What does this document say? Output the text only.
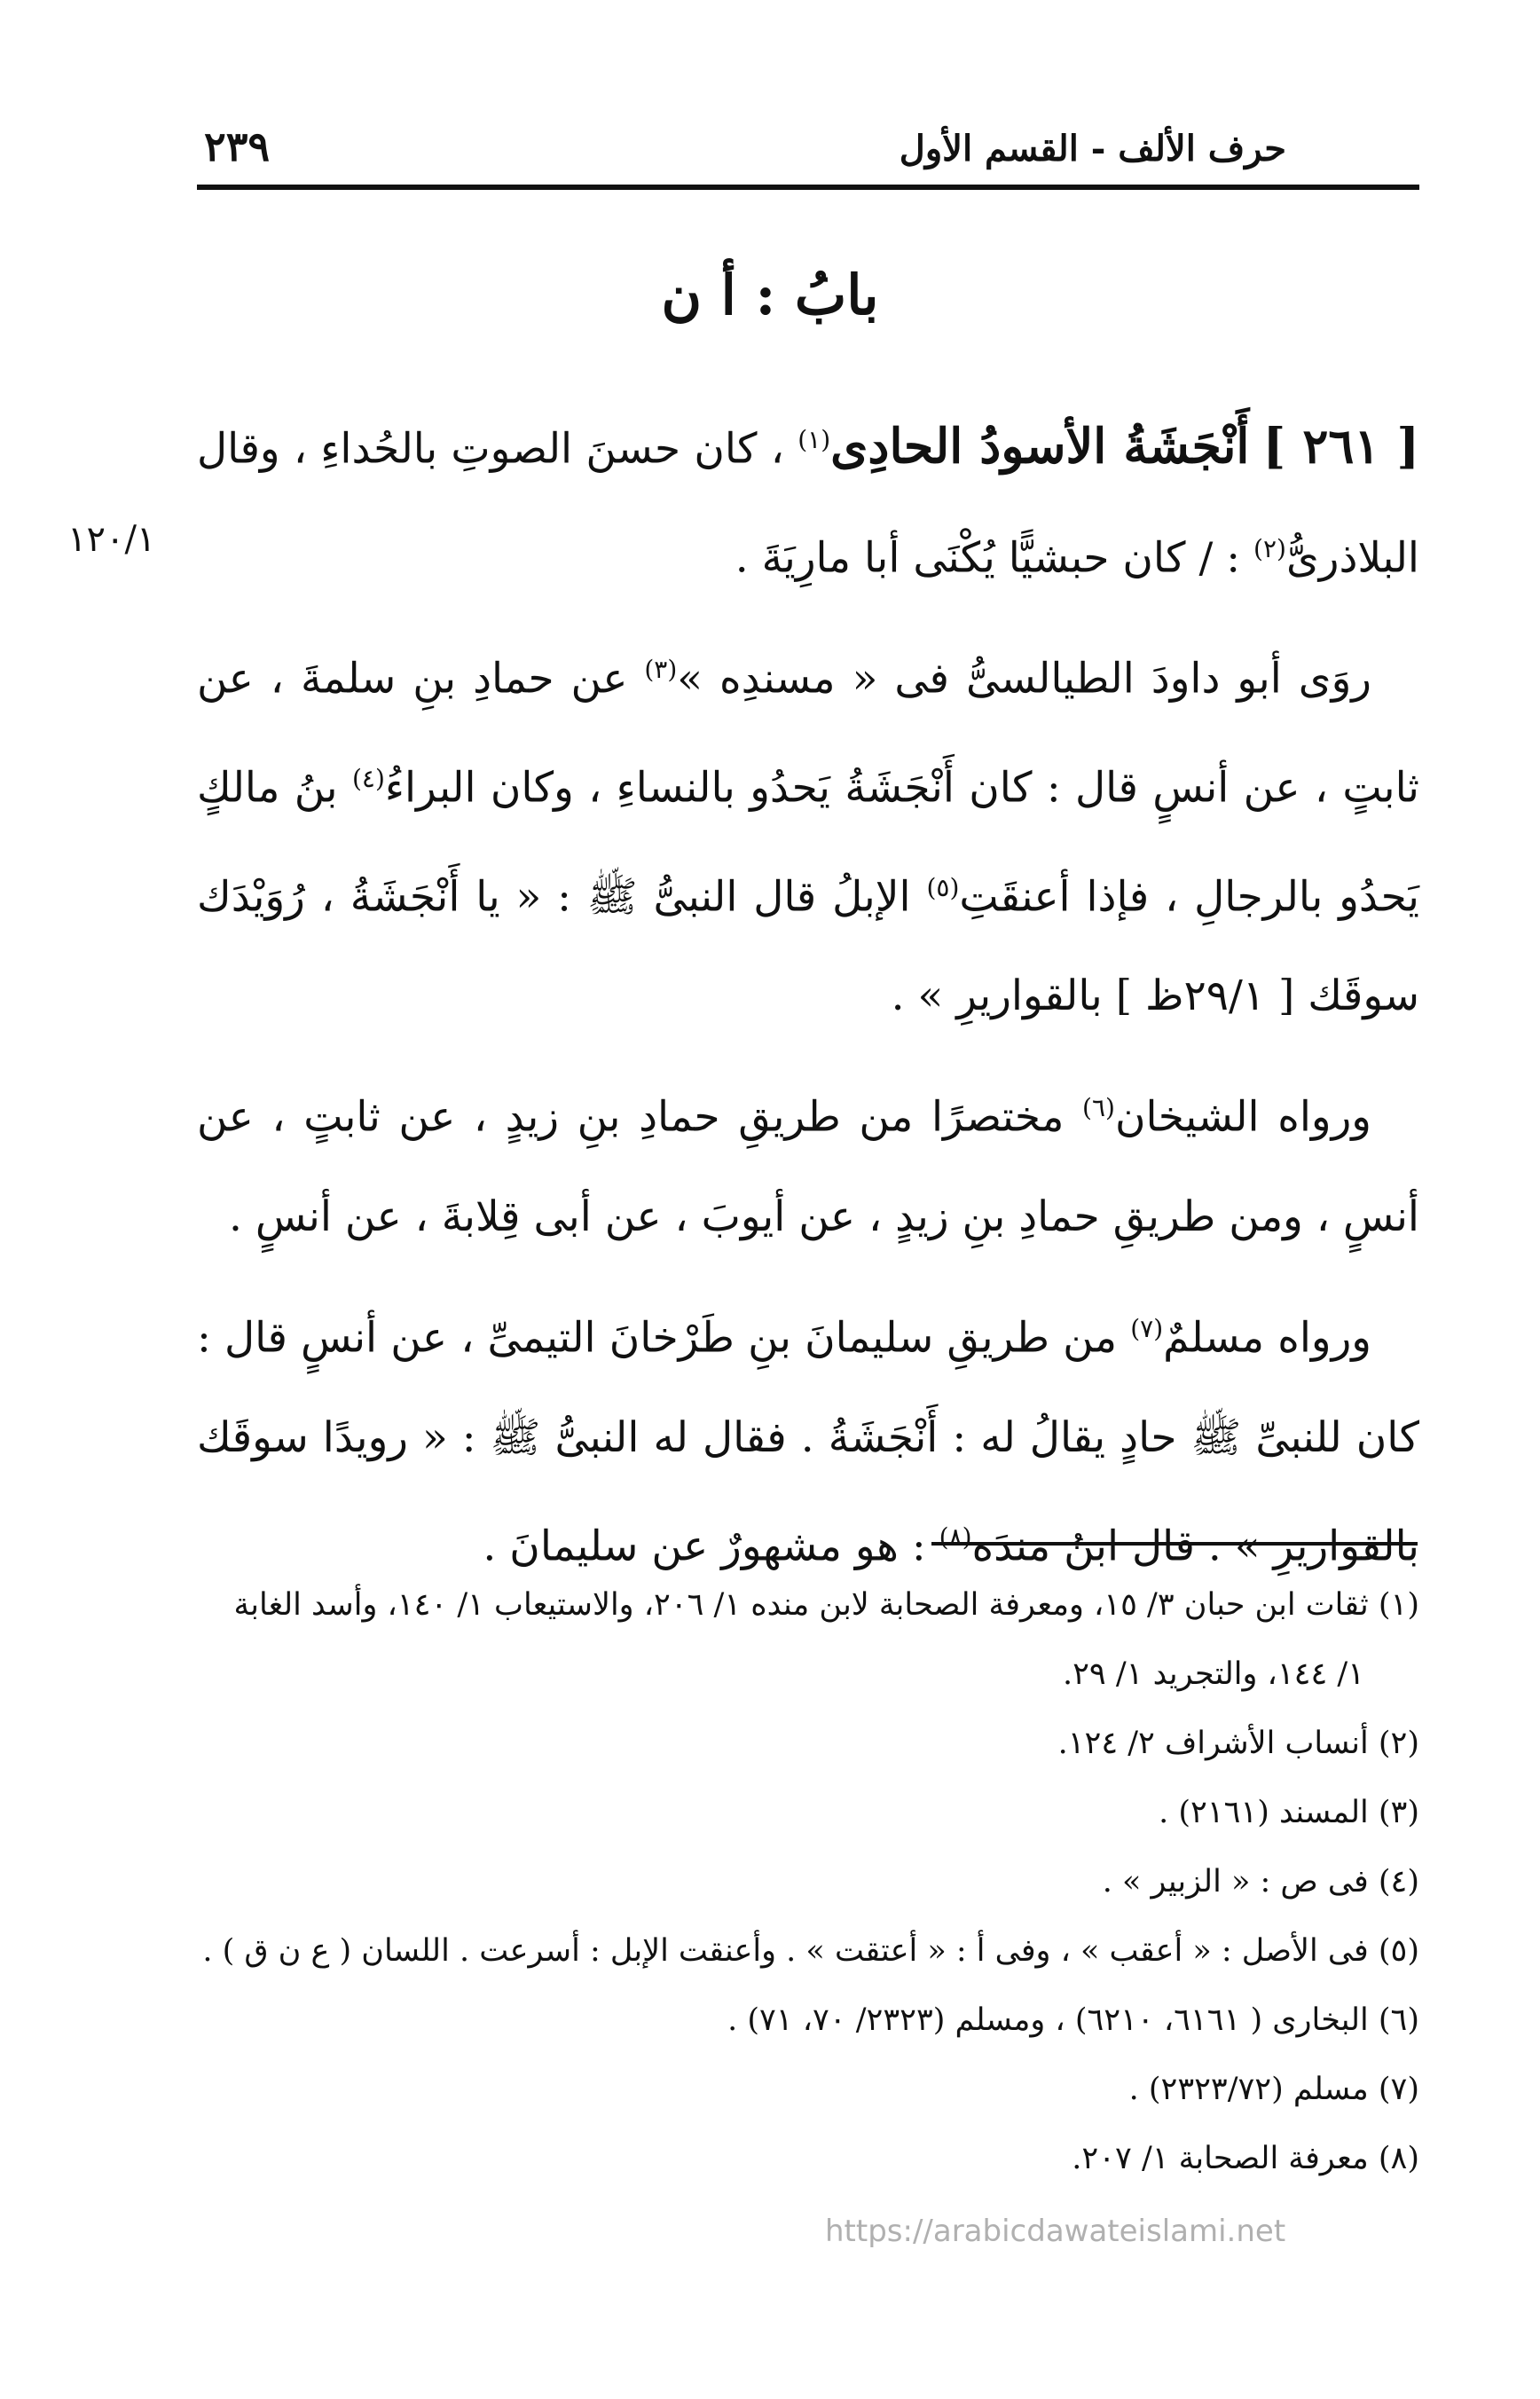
حرف الألف - القسم الأول
٢٣٩
بابُ : أ ن
١٢٠/١

[ ٢٦١ ] أَنْجَشَةُ الأسودُ الحادِى$^{(١)}$ ، كان حسنَ الصوتِ بالحُداءِ ، وقال البلاذرىُّ$^{(٢)}$ : / كان حبشيًّا يُكْنَى أبا مارِيَةَ .

روَى أبو داودَ الطيالسىُّ فى « مسندِه »$^{(٣)}$ عن حمادِ بنِ سلمةَ ، عن ثابتٍ ، عن أنسٍ قال : كان أَنْجَشَةُ يَحدُو بالنساءِ ، وكان البراءُ$^{(٤)}$ بنُ مالكٍ يَحدُو بالرجالِ ، فإذا أعنقَتِ$^{(٥)}$ الإبلُ قال النبىُّ ﷺ : « يا أَنْجَشَةُ ، رُوَيْدَك سوقَك [ ٢٩/١ظ ] بالقواريرِ » .

ورواه الشيخان$^{(٦)}$ مختصرًا من طريقِ حمادِ بنِ زيدٍ ، عن ثابتٍ ، عن أنسٍ ، ومن طريقِ حمادِ بنِ زيدٍ ، عن أيوبَ ، عن أبى قِلابةَ ، عن أنسٍ .

ورواه مسلمٌ$^{(٧)}$ من طريقِ سليمانَ بنِ طَرْخانَ التيمىِّ ، عن أنسٍ قال : كان للنبىِّ ﷺ حادٍ يقالُ له : أَنْجَشَةُ . فقال له النبىُّ ﷺ : « رويدًا سوقَك بالقواريرِ » . قال ابنُ مندَه$^{(٨)}$ : هو مشهورٌ عن سليمانَ .

(١) ثقات ابن حبان ٣/ ١٥، ومعرفة الصحابة لابن منده ١/ ٢٠٦، والاستيعاب ١/ ١٤٠، وأسد الغابة

١/ ١٤٤، والتجريد ١/ ٢٩.

(٢) أنساب الأشراف ٢/ ١٢٤.

(٣) المسند (٢١٦١) .

(٤) فى ص : « الزبير » .

(٥) فى الأصل : « أعقب » ، وفى أ : « أعتقت » . وأعنقت الإبل : أسرعت . اللسان ( ع ن ق ) .

(٦) البخارى ( ٦١٦١، ٦٢١٠) ، ومسلم (٢٣٢٣/ ٧٠، ٧١) .

(٧) مسلم (٢٣٢٣/٧٢) .

(٨) معرفة الصحابة ١/ ٢٠٧.

https://arabicdawateislami.net
